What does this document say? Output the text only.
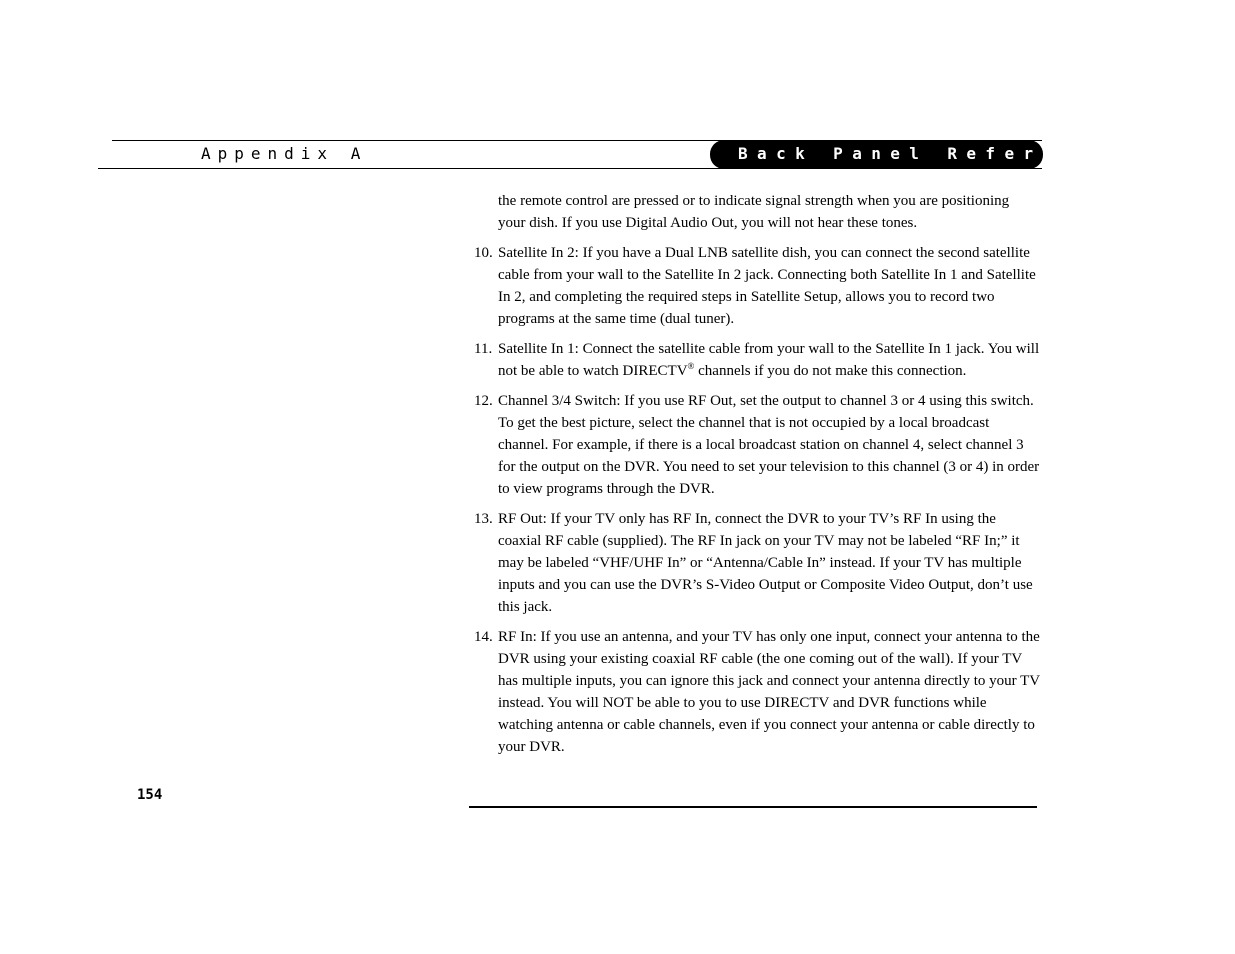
Appendix A	Back Panel Reference

the remote control are pressed or to indicate signal strength when you are positioning your dish. If you use Digital Audio Out, you will not hear these tones.

10. Satellite In 2: If you have a Dual LNB satellite dish, you can connect the second satellite cable from your wall to the Satellite In 2 jack. Connecting both Satellite In 1 and Satellite In 2, and completing the required steps in Satellite Setup, allows you to record two programs at the same time (dual tuner).
11. Satellite In 1: Connect the satellite cable from your wall to the Satellite In 1 jack. You will not be able to watch DIRECTV® channels if you do not make this connection.
12. Channel 3/4 Switch: If you use RF Out, set the output to channel 3 or 4 using this switch. To get the best picture, select the channel that is not occupied by a local broadcast channel. For example, if there is a local broadcast station on channel 4, select channel 3 for the output on the DVR. You need to set your television to this channel (3 or 4) in order to view programs through the DVR.
13. RF Out: If your TV only has RF In, connect the DVR to your TV’s RF In using the coaxial RF cable (supplied). The RF In jack on your TV may not be labeled “RF In;” it may be labeled “VHF/UHF In” or “Antenna/Cable In” instead. If your TV has multiple inputs and you can use the DVR’s S-Video Output or Composite Video Output, don’t use this jack.
14. RF In: If you use an antenna, and your TV has only one input, connect your antenna to the DVR using your existing coaxial RF cable (the one coming out of the wall). If your TV has multiple inputs, you can ignore this jack and connect your antenna directly to your TV instead. You will NOT be able to you to use DIRECTV and DVR functions while watching antenna or cable channels, even if you connect your antenna or cable directly to your DVR.
154
